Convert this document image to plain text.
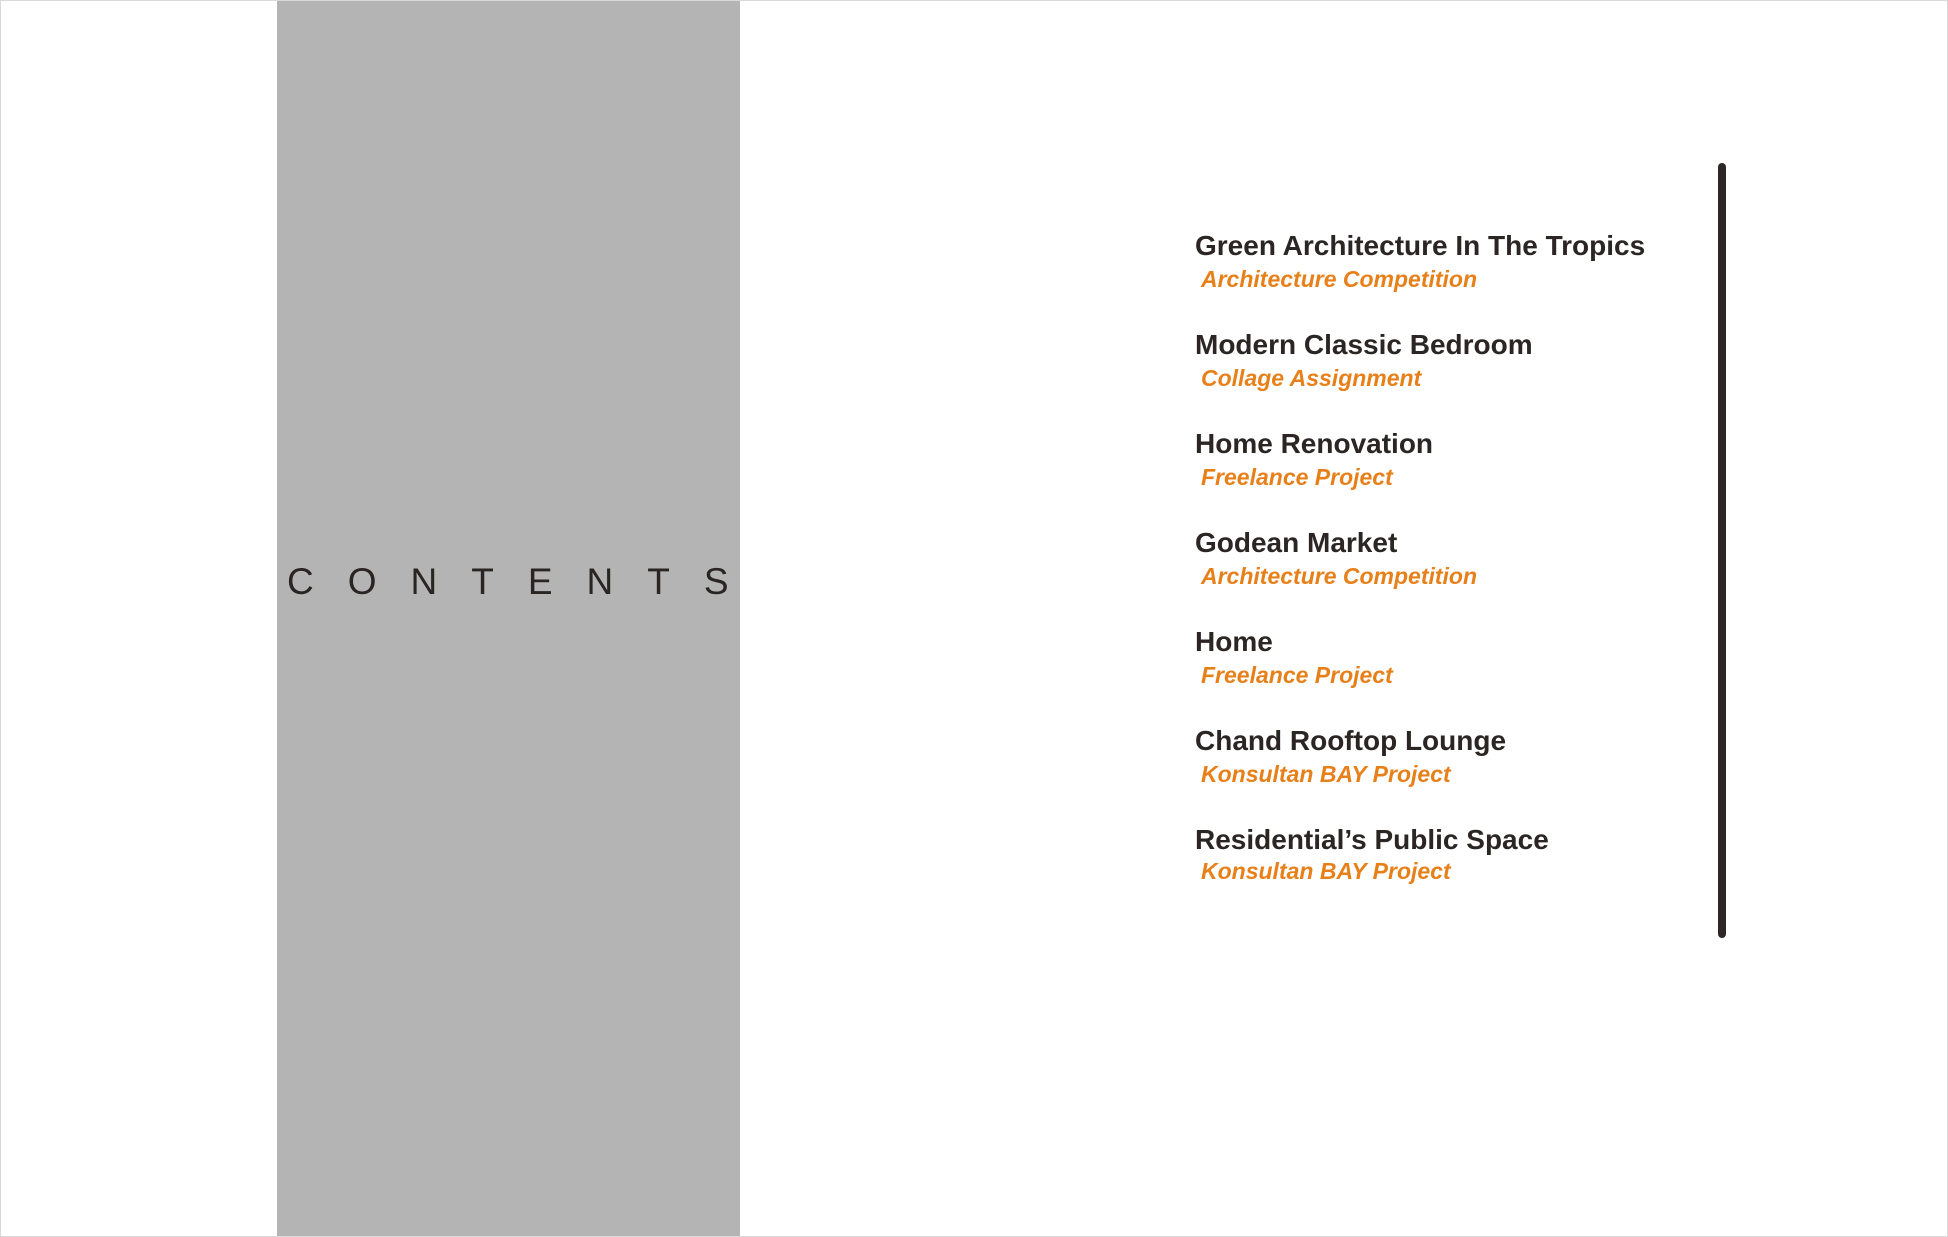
CONTENTS
Green Architecture In The Tropics
Architecture Competition
Modern Classic Bedroom
Collage Assignment
Home Renovation
Freelance Project
Godean Market
Architecture Competition
Home
Freelance Project
Chand Rooftop Lounge
Konsultan BAY Project
Residential’s Public Space
Konsultan BAY Project
